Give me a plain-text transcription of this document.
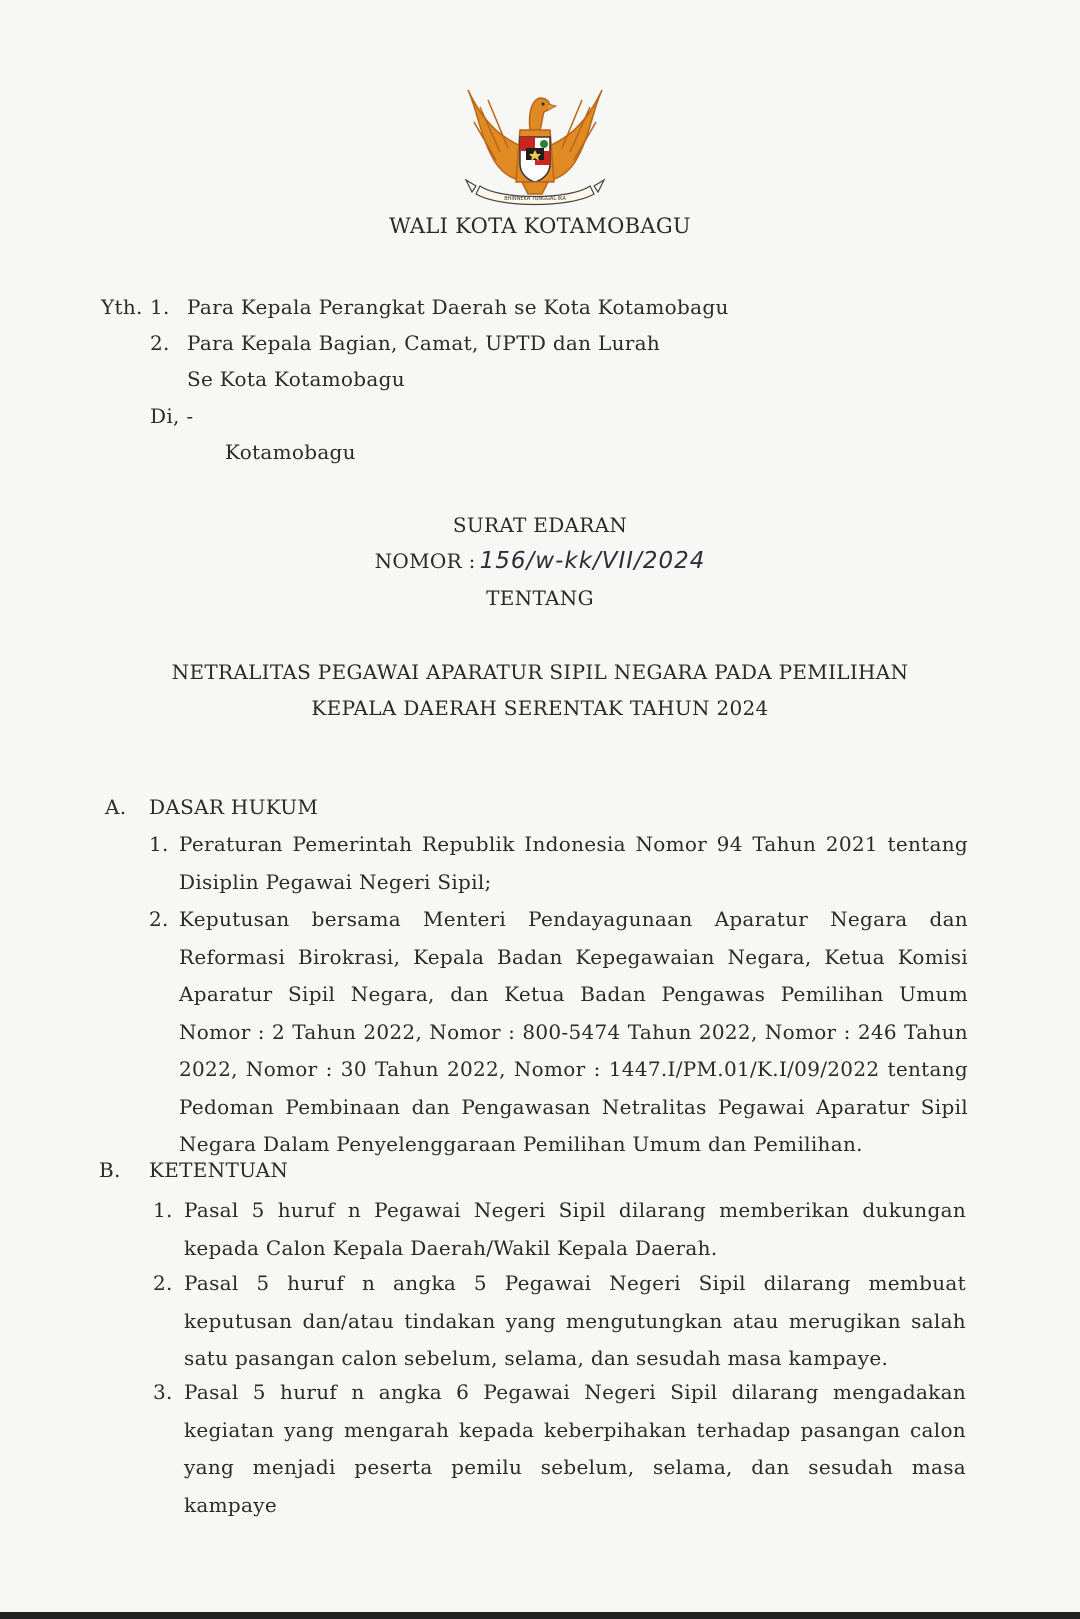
BHINNEKA TUNGGAL IKA
WALI KOTA KOTAMOBAGU
Yth. 1. Para Kepala Perangkat Daerah se Kota Kotamobagu
2. Para Kepala Bagian, Camat, UPTD dan Lurah
Se Kota Kotamobagu
Di, -
Kotamobagu
SURAT EDARAN
NOMOR : 156/w-kk/VII/2024
TENTANG
NETRALITAS PEGAWAI APARATUR SIPIL NEGARA PADA PEMILIHAN
KEPALA DAERAH SERENTAK TAHUN 2024
A. DASAR HUKUM
1. Peraturan Pemerintah Republik Indonesia Nomor 94 Tahun 2021 tentang Disiplin Pegawai Negeri Sipil;
2. Keputusan bersama Menteri Pendayagunaan Aparatur Negara dan Reformasi Birokrasi, Kepala Badan Kepegawaian Negara, Ketua Komisi Aparatur Sipil Negara, dan Ketua Badan Pengawas Pemilihan Umum Nomor : 2 Tahun 2022, Nomor : 800-5474 Tahun 2022, Nomor : 246 Tahun 2022, Nomor : 30 Tahun 2022, Nomor : 1447.I/PM.01/K.I/09/2022 tentang Pedoman Pembinaan dan Pengawasan Netralitas Pegawai Aparatur Sipil Negara Dalam Penyelenggaraan Pemilihan Umum dan Pemilihan.
B. KETENTUAN
1. Pasal 5 huruf n Pegawai Negeri Sipil dilarang memberikan dukungan kepada Calon Kepala Daerah/Wakil Kepala Daerah.
2. Pasal 5 huruf n angka 5 Pegawai Negeri Sipil dilarang membuat keputusan dan/atau tindakan yang mengutungkan atau merugikan salah satu pasangan calon sebelum, selama, dan sesudah masa kampaye.
3. Pasal 5 huruf n angka 6 Pegawai Negeri Sipil dilarang mengadakan kegiatan yang mengarah kepada keberpihakan terhadap pasangan calon yang menjadi peserta pemilu sebelum, selama, dan sesudah masa kampaye
